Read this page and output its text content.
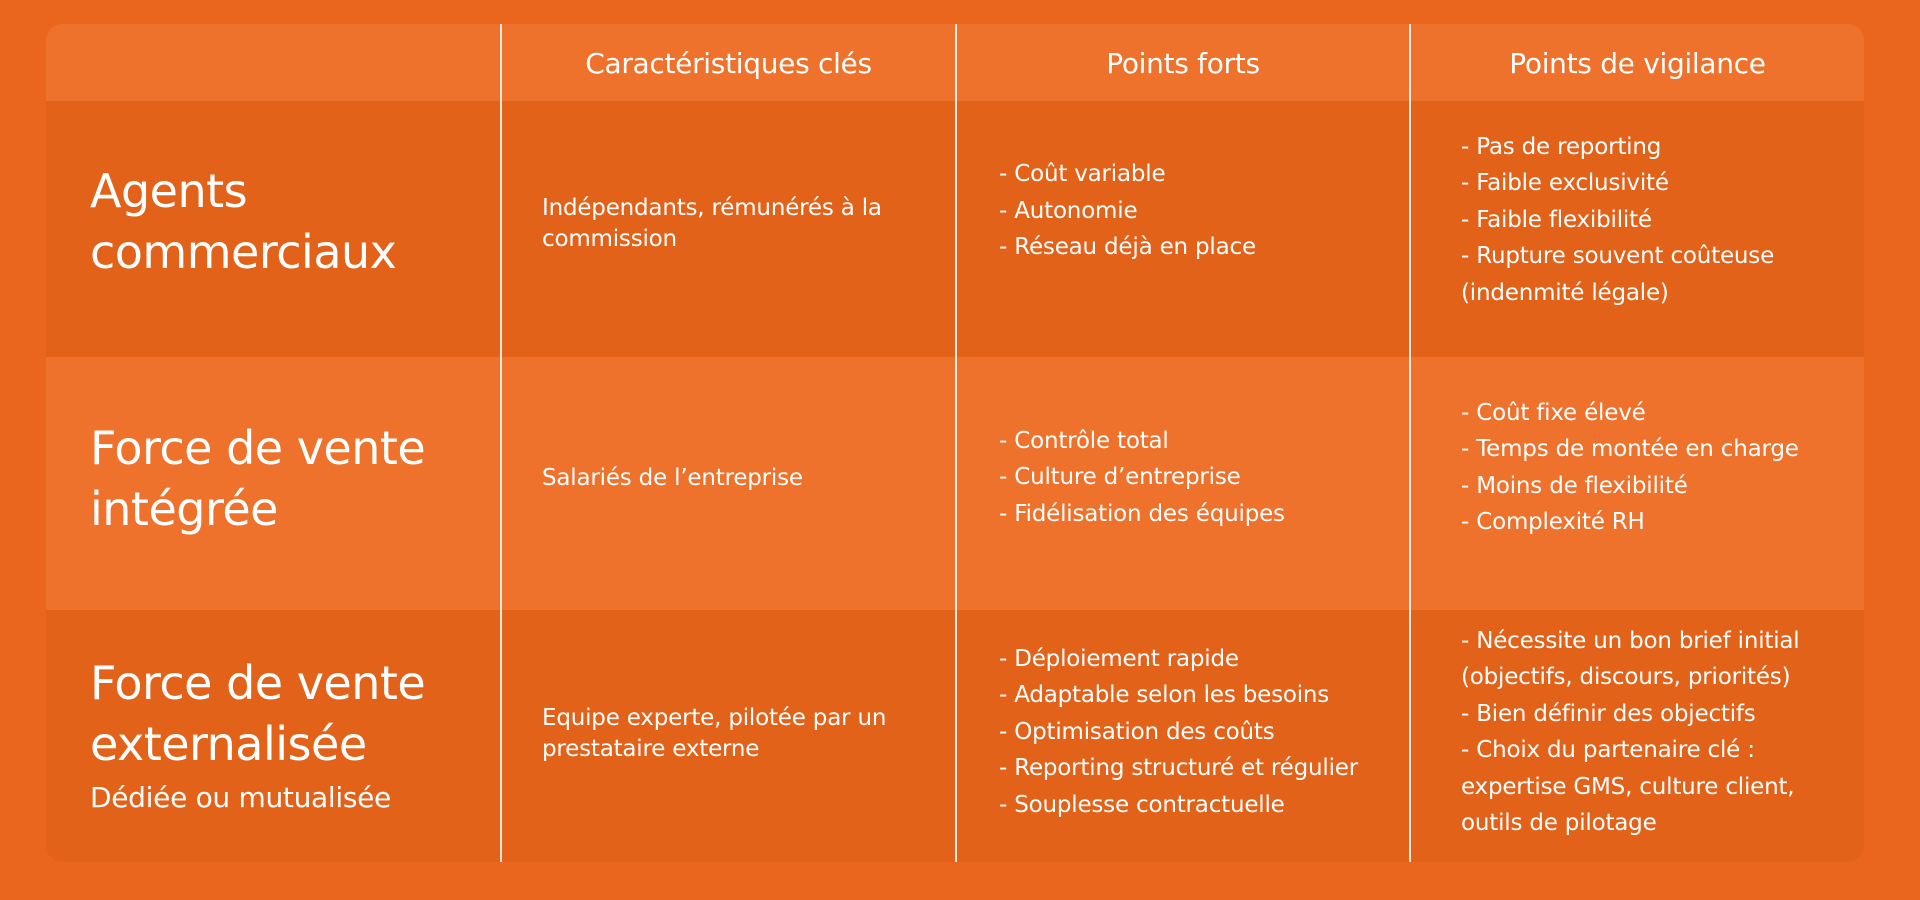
Caractéristiques clés	Points forts	Points de vigilance
Agents
commerciaux
Indépendants, rémunérés à la
commission
- Coût variable
- Autonomie
- Réseau déjà en place
- Pas de reporting
- Faible exclusivité
- Faible flexibilité
- Rupture souvent coûteuse
(indenmité légale)
Force de vente
intégrée
Salariés de l’entreprise
- Contrôle total
- Culture d’entreprise
- Fidélisation des équipes
- Coût fixe élevé
- Temps de montée en charge
- Moins de flexibilité
- Complexité RH
Force de vente
externalisée
Dédiée ou mutualisée
Equipe experte, pilotée par un
prestataire externe
- Déploiement rapide
- Adaptable selon les besoins
- Optimisation des coûts
- Reporting structuré et régulier
- Souplesse contractuelle
- Nécessite un bon brief initial
(objectifs, discours, priorités)
- Bien définir des objectifs
- Choix du partenaire clé :
expertise GMS, culture client,
outils de pilotage
